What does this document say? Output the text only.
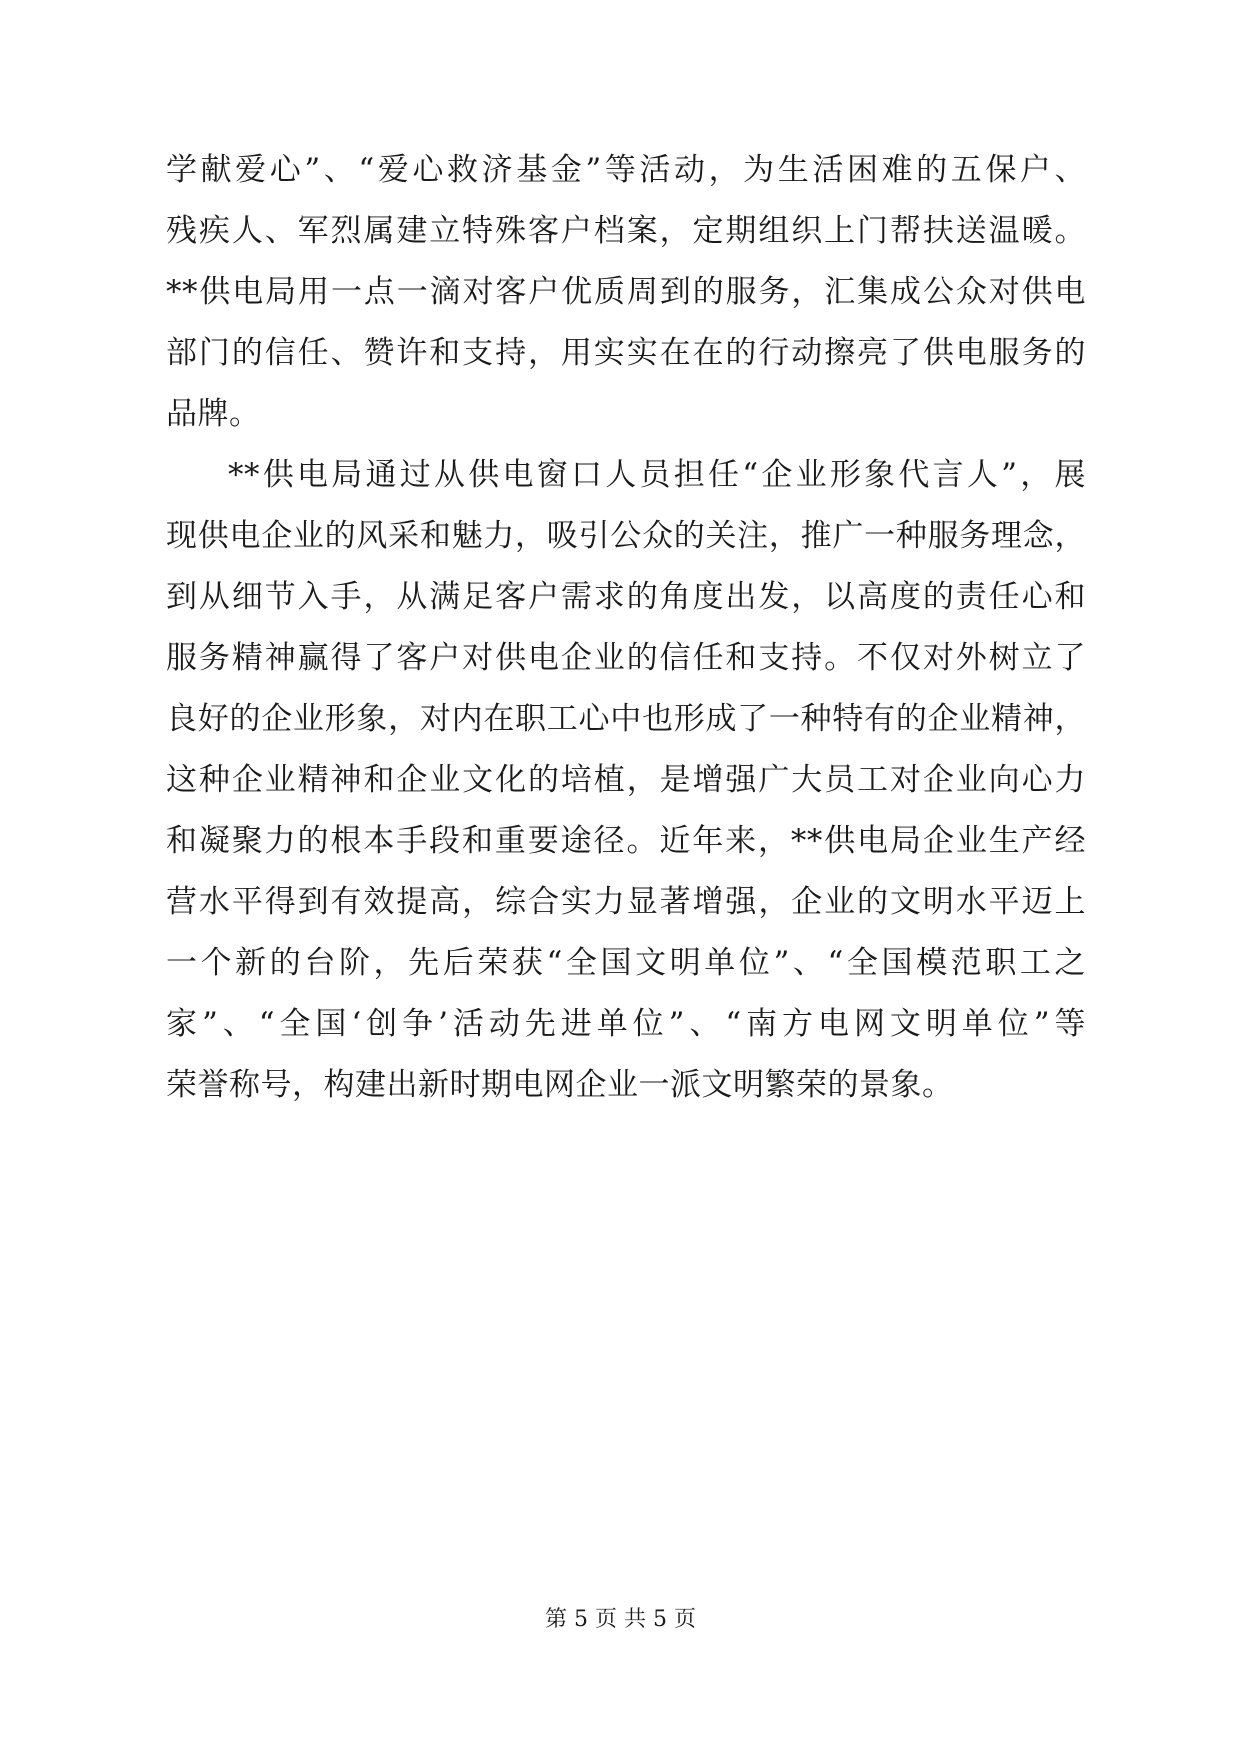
学献爱心”、“爱心救济基金”等活动，为生活困难的五保户、
残疾人、军烈属建立特殊客户档案，定期组织上门帮扶送温暖。
**供电局用一点一滴对客户优质周到的服务，汇集成公众对供电
部门的信任、赞许和支持，用实实在在的行动擦亮了供电服务的
品牌。
**供电局通过从供电窗口人员担任“企业形象代言人”，展
现供电企业的风采和魅力，吸引公众的关注，推广一种服务理念，
到从细节入手，从满足客户需求的角度出发，以高度的责任心和
服务精神赢得了客户对供电企业的信任和支持。不仅对外树立了
良好的企业形象，对内在职工心中也形成了一种特有的企业精神，
这种企业精神和企业文化的培植，是增强广大员工对企业向心力
和凝聚力的根本手段和重要途径。近年来，**供电局企业生产经
营水平得到有效提高，综合实力显著增强，企业的文明水平迈上
一个新的台阶，先后荣获“全国文明单位”、“全国模范职工之
家”、“全国‘创争’活动先进单位”、“南方电网文明单位”等
荣誉称号，构建出新时期电网企业一派文明繁荣的景象。
第 5 页 共 5 页
